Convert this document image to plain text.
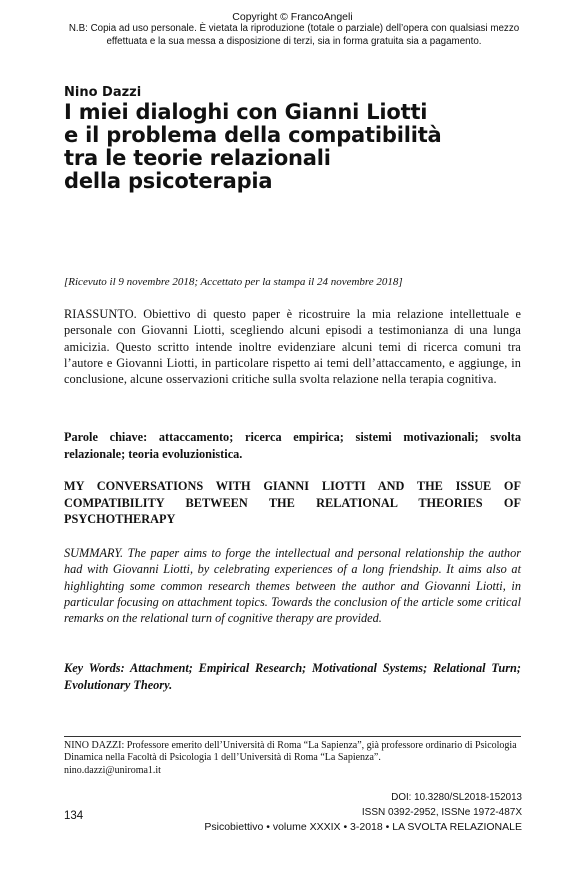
Copyright © FrancoAngeli
N.B: Copia ad uso personale. È vietata la riproduzione (totale o parziale) dell’opera con qualsiasi mezzo effettuata e la sua messa a disposizione di terzi, sia in forma gratuita sia a pagamento.
Nino Dazzi
I miei dialoghi con Gianni Liotti
e il problema della compatibilità
tra le teorie relazionali
della psicoterapia
[Ricevuto il 9 novembre 2018; Accettato per la stampa il 24 novembre 2018]
RIASSUNTO. Obiettivo di questo paper è ricostruire la mia relazione intellettuale e personale con Giovanni Liotti, scegliendo alcuni episodi a testimonianza di una lunga amicizia. Questo scritto intende inoltre evidenziare alcuni temi di ricerca comuni tra l’autore e Giovanni Liotti, in particolare rispetto ai temi dell’attaccamento, e aggiunge, in conclusione, alcune osservazioni critiche sulla svolta relazione nella terapia cognitiva.
Parole chiave: attaccamento; ricerca empirica; sistemi motivazionali; svolta relazionale; teoria evoluzionistica.
MY CONVERSATIONS WITH GIANNI LIOTTI AND THE ISSUE OF COMPATIBILITY BETWEEN THE RELATIONAL THEORIES OF PSYCHOTHERAPY
SUMMARY. The paper aims to forge the intellectual and personal relationship the author had with Giovanni Liotti, by celebrating experiences of a long friendship. It aims also at highlighting some common research themes between the author and Giovanni Liotti, in particular focusing on attachment topics. Towards the conclusion of the article some critical remarks on the relational turn of cognitive therapy are provided.
Key Words: Attachment; Empirical Research; Motivational Systems; Relational Turn; Evolutionary Theory.
NINO DAZZI: Professore emerito dell’Università di Roma “La Sapienza”, già professore ordinario di Psicologia Dinamica nella Facoltà di Psicologia 1 dell’Università di Roma “La Sapienza”.
nino.dazzi@uniroma1.it
DOI: 10.3280/SL2018-152013
ISSN 0392-2952, ISSNe 1972-487X
134
Psicobiettivo • volume XXXIX • 3-2018 • LA SVOLTA RELAZIONALE
